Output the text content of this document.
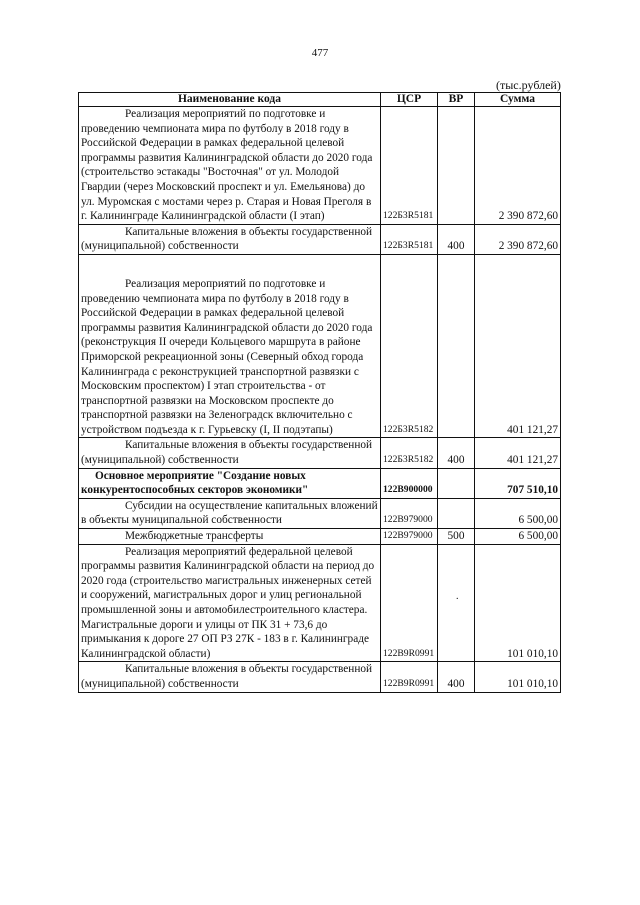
477
(тыс.рублей)
Наименование кода	ЦСР	ВР	Сумма

Реализация мероприятий по подготовке и проведению чемпионата мира по футболу в 2018 году в Российской Федерации в рамках федеральной целевой программы развития Калининградской области до 2020 года (строительство эстакады "Восточная" от ул. Молодой Гвардии (через Московский проспект и ул. Емельянова) до ул. Муромская с мостами через р. Старая и Новая Преголя в г. Калининграде Калининградской области (I этап)	122Б3R5181		2 390 872,60

Капитальные вложения в объекты государственной (муниципальной) собственности	122Б3R5181	400	2 390 872,60

Реализация мероприятий по подготовке и проведению чемпионата мира по футболу в 2018 году в Российской Федерации в рамках федеральной целевой программы развития Калининградской области до 2020 года (реконструкция II очереди Кольцевого маршрута в районе Приморской рекреационной зоны (Северный обход города Калининграда с реконструкцией транспортной развязки с Московским проспектом) I этап строительства - от транспортной развязки на Московском проспекте до транспортной развязки на Зеленоградск включительно с устройством подъезда к г. Гурьевску (I, II подэтапы)	122Б3R5182		401 121,27

Капитальные вложения в объекты государственной (муниципальной) собственности	122Б3R5182	400	401 121,27

Основное мероприятие "Создание новых конкурентоспособных секторов экономики"	122В900000		707 510,10

Субсидии на осуществление капитальных вложений в объекты муниципальной собственности	122В979000		6 500,00

Межбюджетные трансферты	122В979000	500	6 500,00

Реализация мероприятий федеральной целевой программы развития Калининградской области на период до 2020 года (строительство магистральных инженерных сетей и сооружений, магистральных дорог и улиц региональной промышленной зоны и автомобилестроительного кластера. Магистральные дороги и улицы от ПК 31 + 73,6 до примыкания к дороге 27 ОП РЗ 27К - 183 в г. Калининграде Калининградской области)	122В9R0991		101 010,10

Капитальные вложения в объекты государственной (муниципальной) собственности	122В9R0991	400	101 010,10
.
